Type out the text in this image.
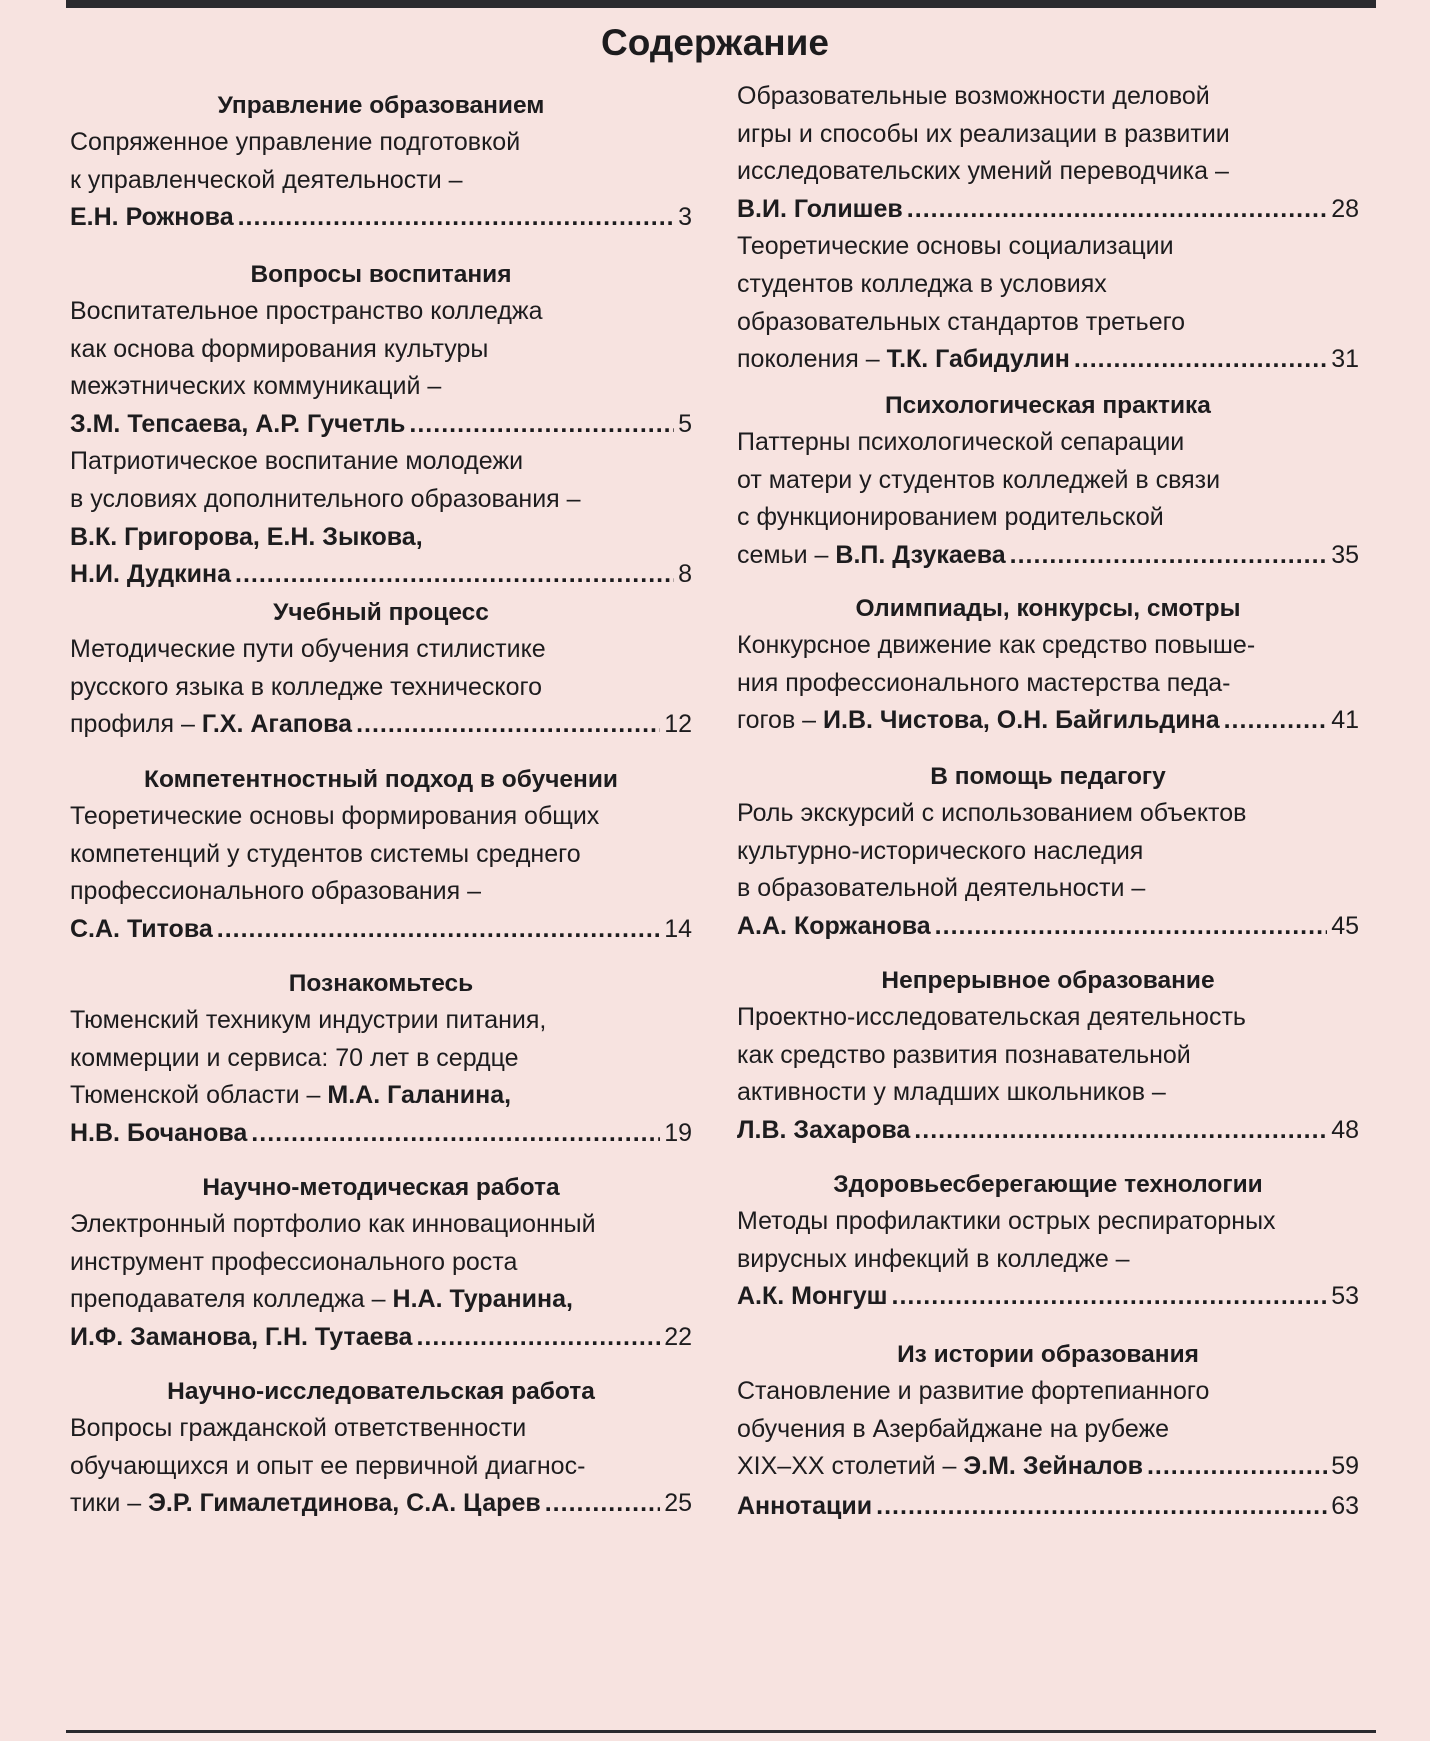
Содержание
Управление образованием
Сопряженное управление подготовкой
к управленческой деятельности –
Е.Н. Рожнова .....	3
Вопросы воспитания
Воспитательное пространство колледжа
как основа формирования культуры
межэтнических коммуникаций –
З.М. Тепсаева, А.Р. Гучетль .....	5
Патриотическое воспитание молодежи
в условиях дополнительного образования –
В.К. Григорова, Е.Н. Зыкова,
Н.И. Дудкина .....	8
Учебный процесс
Методические пути обучения стилистике
русского языка в колледже технического
профиля –
Г.Х. Агапова .....	12
Компетентностный подход в обучении
Теоретические основы формирования общих
компетенций у студентов системы среднего
профессионального образования –
С.А. Титова .....	14
Познакомьтесь
Тюменский техникум индустрии питания,
коммерции и сервиса: 70 лет в сердце
Тюменской области – М.А. Галанина,
Н.В. Бочанова .....	19
Научно-методическая работа
Электронный портфолио как инновационный
инструмент профессионального роста
преподавателя колледжа – Н.А. Туранина,
И.Ф. Заманова, Г.Н. Тутаева .....	22
Научно-исследовательская работа
Вопросы гражданской ответственности
обучающихся и опыт ее первичной диагнос-
тики –
Э.Р. Гималетдинова, С.А. Царев .....	25
Образовательные возможности деловой
игры и способы их реализации в развитии
исследовательских умений переводчика –
В.И. Голишев .....	28
Теоретические основы социализации
студентов колледжа в условиях
образовательных стандартов третьего
поколения –
Т.К. Габидулин .....	31
Психологическая практика
Паттерны психологической сепарации
от матери у студентов колледжей в связи
с функционированием родительской
семьи –
В.П. Дзукаева .....	35
Олимпиады, конкурсы, смотры
Конкурсное движение как средство повыше-
ния профессионального мастерства педа-
гогов –
И.В. Чистова, О.Н. Байгильдина .....	41
В помощь педагогу
Роль экскурсий с использованием объектов
культурно-исторического наследия
в образовательной деятельности –
А.А. Коржанова .....	45
Непрерывное образование
Проектно-исследовательская деятельность
как средство развития познавательной
активности у младших школьников –
Л.В. Захарова .....	48
Здоровьесберегающие технологии
Методы профилактики острых респираторных
вирусных инфекций в колледже –
А.К. Монгуш .....	53
Из истории образования
Становление и развитие фортепианного
обучения в Азербайджане на рубеже
XIX–XX столетий –
Э.М. Зейналов .....	59
Аннотации .....	63
